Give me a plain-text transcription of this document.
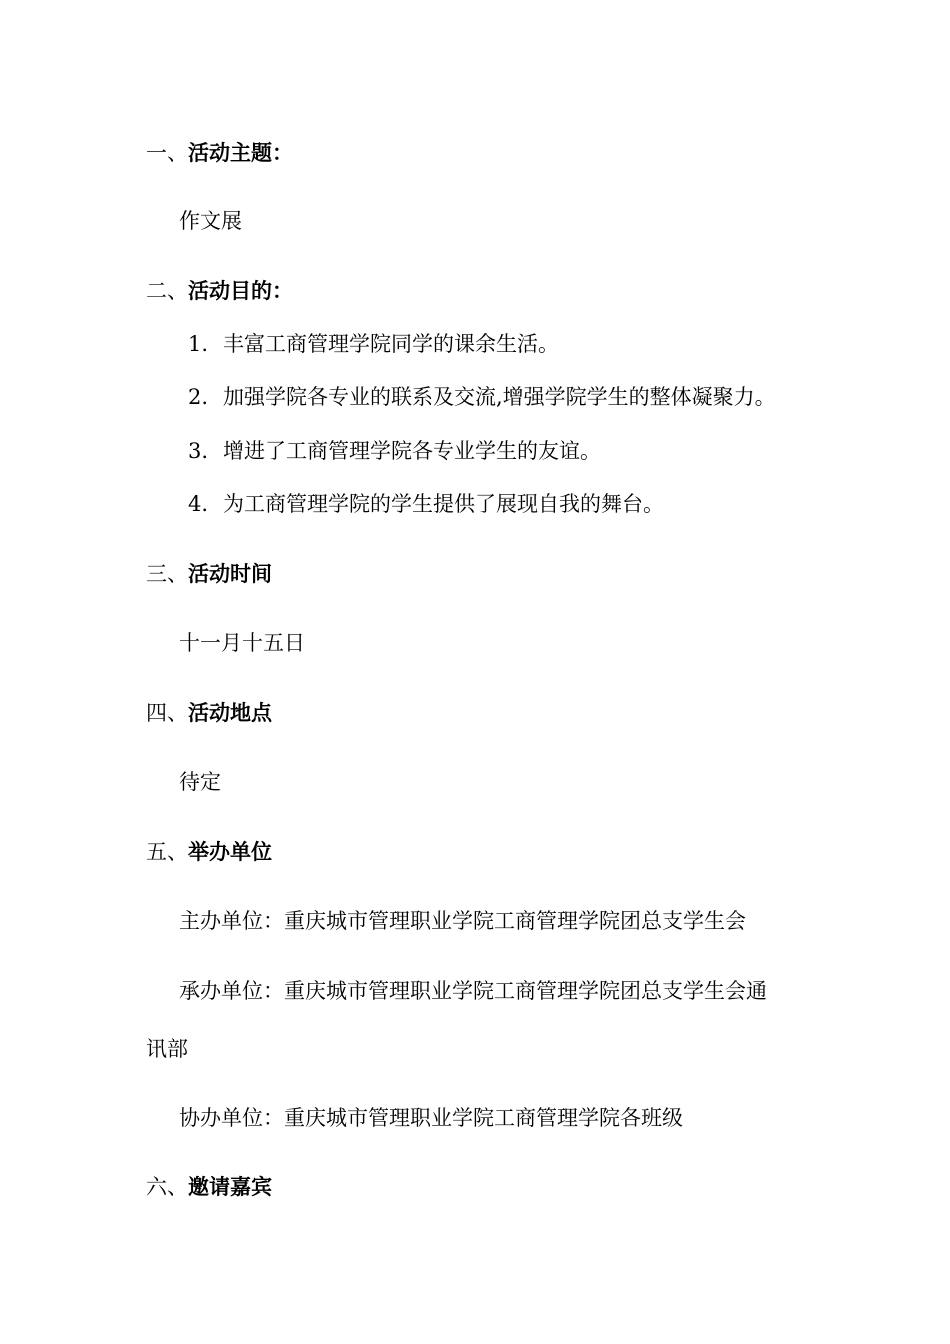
一、活动主题：
作文展
二、活动目的：
1. 丰富工商管理学院同学的课余生活。
2. 加强学院各专业的联系及交流,增强学院学生的整体凝聚力。
3. 增进了工商管理学院各专业学生的友谊。
4. 为工商管理学院的学生提供了展现自我的舞台。
三、活动时间
十一月十五日
四、活动地点
待定
五、举办单位
主办单位：重庆城市管理职业学院工商管理学院团总支学生会
承办单位：重庆城市管理职业学院工商管理学院团总支学生会通
讯部
协办单位：重庆城市管理职业学院工商管理学院各班级
六、邀请嘉宾
